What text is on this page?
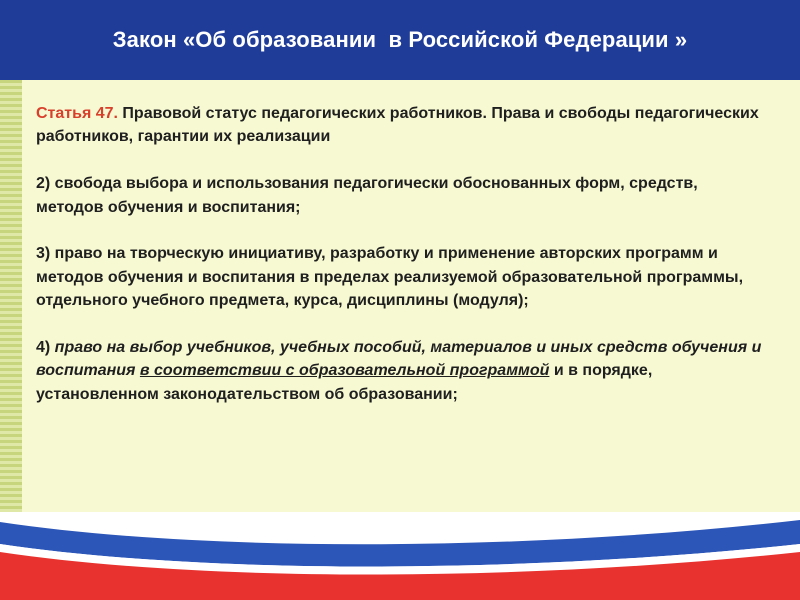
Закон «Об образовании  в Российской Федерации »

Статья 47. Правовой статус педагогических работников. Права и свободы педагогических работников, гарантии их реализации

2) свобода выбора и использования педагогически обоснованных форм, средств, методов обучения и воспитания;

3) право на творческую инициативу, разработку и применение авторских программ и методов обучения и воспитания в пределах реализуемой образовательной программы, отдельного учебного предмета, курса, дисциплины (модуля);

4) право на выбор учебников, учебных пособий, материалов и иных средств обучения и воспитания в соответствии с образовательной программой и в порядке, установленном законодательством об образовании;
